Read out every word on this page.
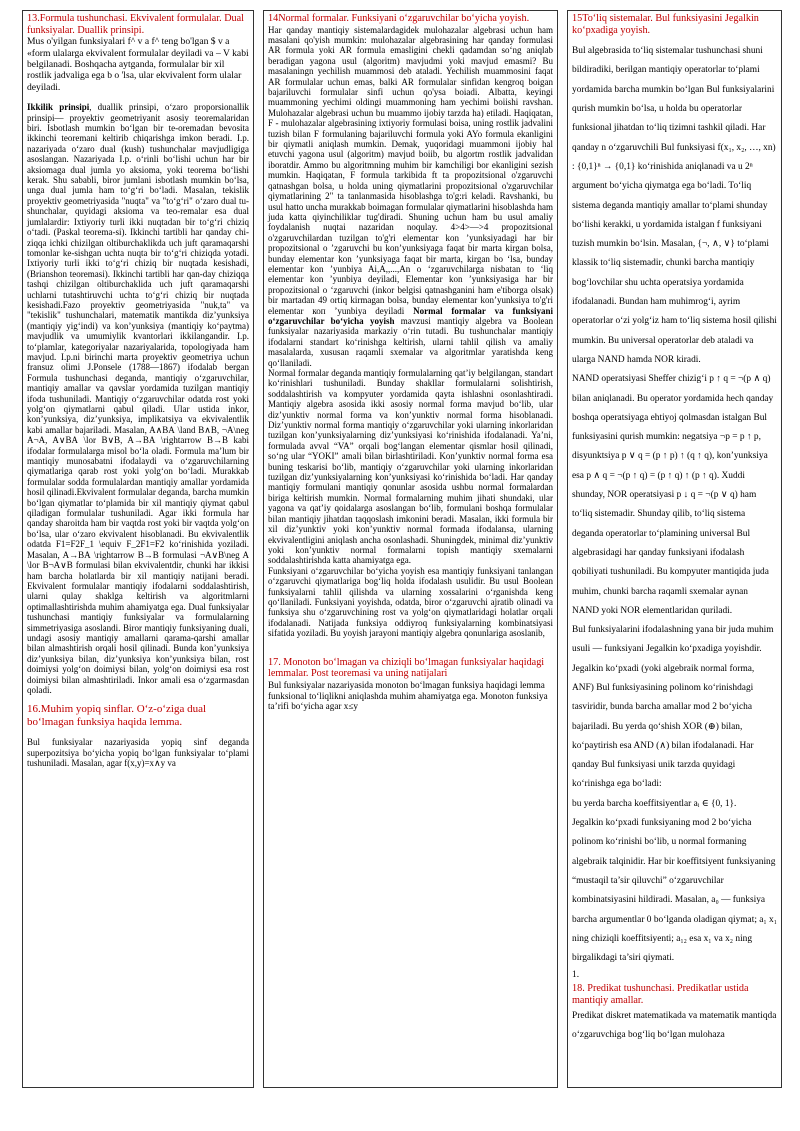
13.Formula tushunchasi. Ekvivalent formulalar. Dual funksiyalar. Duallik prinsipi.

Mus o'yilgan funksiyalari f^ v a f^ teng bo'lgan $ v a «form ulalarga ekvivalent formulalar deyiladi va – V kabi belgilanadi. Boshqacha aytganda, formulalar bir xil rostlik jadvaliga ega b o 'lsa, ular ekvivalent form ulalar deyiladi.

Ikkilik prinsipi, duallik prinsipi, o‘zaro proporsionallik prinsipi— proyektiv geometriyanit asosiy teoremalaridan biri. Isbotlash mumkin bo‘lgan bir te-oremadan bevosita ikkinchi teoremani keltirib chiqarishga imkon beradi. I.p. nazariyada o‘zaro dual (kush) tushunchalar mavjudligiga asoslangan. Nazariyada I.p. o‘rinli bo‘lishi uchun har bir aksiomaga dual jumla yo aksioma, yoki teorema bo‘lishi kerak. Shu sababli, biror jumlani isbotlash mumkin bo‘lsa, unga dual jumla ham to‘g‘ri bo‘ladi. Masalan, tekislik proyektiv geometriyasida "nuqta" va "to‘g‘ri" o‘zaro dual tu-shunchalar, quyidagi aksioma va teo-remalar esa dual jumlalardir: Ixtiyoriy turli ikki nuqtadan bir to‘g‘ri chiziq o‘tadi. (Paskal teorema-si). Ikkinchi tartibli har qanday chi-ziqqa ichki chizilgan oltiburchaklikda uch juft qaramaqarshi tomonlar ke-sishgan uchta nuqta bir to‘g‘ri chiziqda yotadi. Ixtiyoriy turli ikki to‘g‘ri chiziq bir nuqtada kesishadi, (Brianshon teoremasi). Ikkinchi tartibli har qan-day chiziqqa tashqi chizilgan oltiburchaklida uch juft qaramaqarshi uchlarni tutashtiruvchi uchta to‘g‘ri chiziq bir nuqtada kesishadi.Fazo proyektiv geometriyasida "nuk,ta" va "tekislik" tushunchalari, matematik mantikda diz’yunksiya (mantiqiy yig‘indi) va kon’yunksiya (mantiqiy ko‘paytma) mavjudlik va umumiylik kvantorlari ikkilangandir. I.p. to‘plamlar, kategoriyalar nazariyalarida, topologiyada ham mavjud. I.p.ni birinchi marta proyektiv geometriya uchun fransuz olimi J.Ponsele (1788—1867) ifodalab bergan Formula tushunchasi deganda, mantiqiy o‘zgaruvchilar, mantiqiy amallar va qavslar yordamida tuzilgan mantiqiy ifoda tushuniladi. Mantiqiy o‘zgaruvchilar odatda rost yoki yolg‘on qiymatlarni qabul qiladi. Ular ustida inkor, kon’yunksiya, diz’yunksiya, implikatsiya va ekvivalentlik kabi amallar bajariladi. Masalan, A∧BА \land B∧B, ¬A\neg A¬A, A∨BА \lor B∨B, A→BА \rightarrow B→B kabi ifodalar formulalarga misol bo‘la oladi. Formula ma’lum bir mantiqiy munosabatni ifodalaydi va o‘zgaruvchilarning qiymatlariga qarab rost yoki yolg‘on bo‘ladi. Murakkab formulalar sodda formulalardan mantiqiy amallar yordamida hosil qilinadi.Ekvivalent formulalar deganda, barcha mumkin bo‘lgan qiymatlar to‘plamida bir xil mantiqiy qiymat qabul qiladigan formulalar tushuniladi. Agar ikki formula har qanday sharoitda ham bir vaqtda rost yoki bir vaqtda yolg‘on bo‘lsa, ular o‘zaro ekvivalent hisoblanadi. Bu ekvivalentlik odatda F1=F2F_1 \equiv F_2F1=F2 ko‘rinishida yoziladi. Masalan, A→BА \rightarrow B→B formulasi ¬A∨B\neg A \lor B¬A∨B formulasi bilan ekvivalentdir, chunki har ikkisi ham barcha holatlarda bir xil mantiqiy natijani beradi. Ekvivalent formulalar mantiqiy ifodalarni soddalashtirish, ularni qulay shaklga keltirish va algoritmlarni optimallashtirishda muhim ahamiyatga ega. Dual funksiyalar tushunchasi mantiqiy funksiyalar va formulalarning simmetriyasiga asoslandi. Biror mantiqiy funksiyaning duali, undagi asosiy mantiqiy amallarni qarama-qarshi amallar bilan almashtirish orqali hosil qilinadi. Bunda kon’yunksiya diz’yunksiya bilan, diz’yunksiya kon’yunksiya bilan, rost doimiysi yolg‘on doimiysi bilan, yolg‘on doimiysi esa rost doimiysi bilan almashtiriladi. Inkor amali esa o‘zgarmasdan qoladi.

16.Muhim yopiq sinflar. O‘z-o‘ziga dual bo‘lmagan funksiya haqida lemma.

Bul funksiyalar nazariyasida yopiq sinf deganda superpozitsiya bo‘yicha yopiq bo‘lgan funksiyalar to‘plami tushuniladi. Masalan, agar f(x,y)=x∧y va

14Normal formalar. Funksiyani o‘zgaruvchilar bo‘yicha yoyish.

Har qanday mantiqiy sistemalardagidek mulohazalar algebrasi uchun ham masalani qo'yish mumkin: mulohazalar algebrasining har qanday formulasi AR formula yoki AR formula emasligini chekli qadamdan so‘ng aniqlab beradigan yagona usul (algoritm) mavjudmi yoki mavjud emasmi? Bu masalaningn yechilish muammosi deb ataladi. Yechilish muammosini faqat AR formulalar uchun emas, balki AR formulalar sinfidan kengroq boigan bajariluvchi formulalar sinfi uchun qo'ysa boiadi. Albatta, keyingi muammoning yechimi oldingi muammoning ham yechimi boiishi ravshan. Mulohazalar algebrasi uchun bu muammo ijobiy tarzda ha) etiladi. Haqiqatan, F - mulohazalar algebrasining ixtiyoriy formulasi boisa, uning rostlik jadvalini tuzish bilan F formulaning bajariluvchi formula yoki AYo formula ekanligini bir qiymatli aniqlash mumkin. Demak, yuqoridagi muammoni ijobiy hal etuvchi yagona usul (algoritm) mavjud boiib, bu algortm rostlik jadvalidan iboratdir. Ammo bu algoritmning muhim bir kamchiligi bor ekanligini sezish mumkin. Haqiqatan, F formula tarkibida ft ta propozitsional o'zgaruvchi qatnashgan bolsa, u holda uning qiymatlarini propozitsional o'zgaruvchilar qiymatlarining 2" ta tanlanmasida hisoblashga to'g:ri keladi. Ravshanki, bu usul hatto uncha murakkab boimagan formulalar qiymatlarini hisoblashda ham juda katta qiyinchiliklar tug'diradi. Shuning uchun ham bu usul amaliy foydalanish nuqtai nazaridan noqulay. 4>4>—>4 propozitsional o'zgaruvchilardan tuzilgan to'g'ri elementar kon ’yunksiyadagi har bir propozitsional o ’zgaruvchi bu kon’yunksiyaga faqat bir marta kirgan bolsa, bunday elementar kon ’yunksiyaga faqat bir marta, kirgan bo ‘lsa, bunday elementar kon ’yunbiya Ai,A,,...,An o ‘zgaruvchilarga nisbatan to ‘liq elementar kon ’yunbiya deyiladi, Elementar kon ’yunksiyasiga har bir propozitsional o ‘zgaruvchi (inkor belgisi qatnashganini ham e'tiborga olsak) bir martadan 49 ortiq kirmagan bolsa, bunday elementar kon’yunksiya to'g'ri elementar коп ’yunbiya deyiladi Normal formalar va funksiyani o‘zgaruvchilar bo‘yicha yoyish mavzusi mantiqiy algebra va Boolean funksiyalar nazariyasida markaziy o‘rin tutadi. Bu tushunchalar mantiqiy ifodalarni standart ko‘rinishga keltirish, ularni tahlil qilish va amaliy masalalarda, xususan raqamli sxemalar va algoritmlar yaratishda keng qo‘llaniladi.

Normal formalar deganda mantiqiy formulalarning qat’iy belgilangan, standart ko‘rinishlari tushuniladi. Bunday shakllar formulalarni solishtirish, soddalashtirish va kompyuter yordamida qayta ishlashni osonlashtiradi. Mantiqiy algebra asosida ikki asosiy normal forma mavjud bo‘lib, ular diz’yunktiv normal forma va kon’yunktiv normal forma hisoblanadi. Diz’yunktiv normal forma mantiqiy o‘zgaruvchilar yoki ularning inkorlaridan tuzilgan kon’yunksiyalarning diz’yunksiyasi ko‘rinishida ifodalanadi. Ya’ni, formulada avval “VA” orqali bog‘langan elementar qismlar hosil qilinadi, so‘ng ular “YOKI” amali bilan birlashtiriladi. Kon’yunktiv normal forma esa buning teskarisi bo‘lib, mantiqiy o‘zgaruvchilar yoki ularning inkorlaridan tuzilgan diz’yunksiyalarning kon’yunksiyasi ko‘rinishida bo‘ladi. Har qanday mantiqiy formulani mantiqiy qonunlar asosida ushbu normal formalardan biriga keltirish mumkin. Normal formalarning muhim jihati shundaki, ular yagona va qat’iy qoidalarga asoslangan bo‘lib, formulani boshqa formulalar bilan mantiqiy jihatdan taqqoslash imkonini beradi. Masalan, ikki formula bir xil diz’yunktiv yoki kon’yunktiv normal formada ifodalansa, ularning ekvivalentligini aniqlash ancha osonlashadi. Shuningdek, minimal diz’yunktiv yoki kon’yunktiv normal formalarni topish mantiqiy sxemalarni soddalashtirishda katta ahamiyatga ega.

Funksiyani o‘zgaruvchilar bo‘yicha yoyish esa mantiqiy funksiyani tanlangan o‘zgaruvchi qiymatlariga bog‘liq holda ifodalash usulidir. Bu usul Boolean funksiyalarni tahlil qilishda va ularning xossalarini o‘rganishda keng qo‘llaniladi. Funksiyani yoyishda, odatda, biror o‘zgaruvchi ajratib olinadi va funksiya shu o‘zgaruvchining rost va yolg‘on qiymatlaridagi holatlar orqali ifodalanadi. Natijada funksiya oddiyroq funksiyalarning kombinatsiyasi sifatida yoziladi. Bu yoyish jarayoni mantiqiy algebra qonunlariga asoslanib,

17. Monoton bo‘lmagan va chiziqli bo‘lmagan funksiyalar haqidagi lemmalar. Post teoremasi va uning natijalari

Bul funksiyalar nazariyasida monoton bo‘lmagan funksiya haqidagi lemma funksional to‘liqlikni aniqlashda muhim ahamiyatga ega. Monoton funksiya ta’rifi bo‘yicha agar x≤y

15To‘liq sistemalar. Bul funksiyasini Jegalkin ko‘pxadiga yoyish.

Bul algebrasida to‘liq sistemalar tushunchasi shuni bildiradiki, berilgan mantiqiy operatorlar to‘plami yordamida barcha mumkin bo‘lgan Bul funksiyalarini qurish mumkin bo‘lsa, u holda bu operatorlar funksional jihatdan to‘liq tizimni tashkil qiladi. Har qanday n o‘zgaruvchili Bul funksiyasi f(x₁, x₂, …, xn) : {0,1}ⁿ → {0,1} ko‘rinishida aniqlanadi va u 2ⁿ argument bo‘yicha qiymatga ega bo‘ladi. To‘liq sistema deganda mantiqiy amallar to‘plami shunday bo‘lishi kerakki, u yordamida istalgan f funksiyani tuzish mumkin bo‘lsin. Masalan, {¬, ∧, ∨} to‘plami klassik to‘liq sistemadir, chunki barcha mantiqiy bog‘lovchilar shu uchta operatsiya yordamida ifodalanadi. Bundan ham muhimrog‘i, ayrim operatorlar o‘zi yolg‘iz ham to‘liq sistema hosil qilishi mumkin. Bu universal operatorlar deb ataladi va ularga NAND hamda NOR kiradi.

NAND operatsiyasi Sheffer chizig‘i p ↑ q = ¬(p ∧ q) bilan aniqlanadi. Bu operator yordamida hech qanday boshqa operatsiyaga ehtiyoj qolmasdan istalgan Bul funksiyasini qurish mumkin: negatsiya ¬p = p ↑ p, disyunktsiya p ∨ q = (p ↑ p) ↑ (q ↑ q), kon’yunksiya esa p ∧ q = ¬(p ↑ q) = (p ↑ q) ↑ (p ↑ q). Xuddi shunday, NOR operatsiyasi p ↓ q = ¬(p ∨ q) ham to‘liq sistemadir. Shunday qilib, to‘liq sistema deganda operatorlar to‘plamining universal Bul algebrasidagi har qanday funksiyani ifodalash qobiliyati tushuniladi. Bu kompyuter mantiqida juda muhim, chunki barcha raqamli sxemalar aynan NAND yoki NOR elementlaridan quriladi.

Bul funksiyalarini ifodalashning yana bir juda muhim usuli — funksiyani Jegalkin ko‘pxadiga yoyishdir. Jegalkin ko‘pxadi (yoki algebraik normal forma, ANF) Bul funksiyasining polinom ko‘rinishdagi tasviridir, bunda barcha amallar mod 2 bo‘yicha bajariladi. Bu yerda qo‘shish XOR (⊕) bilan, ko‘paytirish esa AND (∧) bilan ifodalanadi. Har qanday Bul funksiyasi unik tarzda quyidagi ko‘rinishga ega bo‘ladi:

bu yerda barcha koeffitsiyentlar aᵢ ∈ {0, 1}.

Jegalkin ko‘pxadi funksiyaning mod 2 bo‘yicha polinom ko‘rinishi bo‘lib, u normal formaning algebraik talqinidir. Har bir koeffitsiyent funksiyaning “mustaqil ta’sir qiluvchi” o‘zgaruvchilar kombinatsiyasini hildiradi. Masalan, a₀ — funksiya barcha argumentlar 0 bo‘lganda oladigan qiymat; a₁ x₁ ning chiziqli koeffitsiyenti; a₁₂ esa x₁ va x₂ ning birgalikdagi ta’siri qiymati.

1.

18. Predikat tushunchasi. Predikatlar ustida mantiqiy amallar.

Predikat diskret matematikada va matematik mantiqda o‘zgaruvchiga bog‘liq bo‘lgan mulohaza
